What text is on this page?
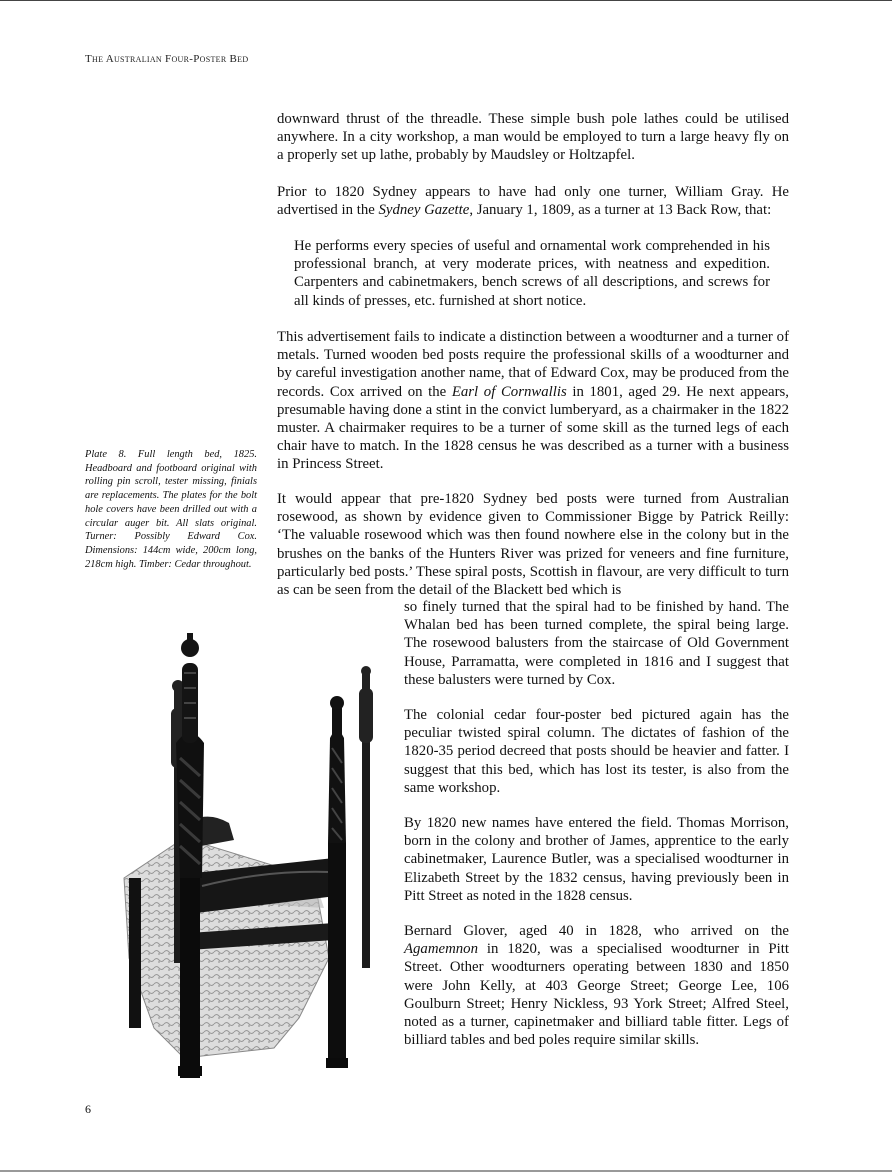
The Australian Four-Poster Bed

downward thrust of the threadle. These simple bush pole lathes could be utilised anywhere. In a city workshop, a man would be employed to turn a large heavy fly on a properly set up lathe, probably by Maudsley or Holtzapfel.

Prior to 1820 Sydney appears to have had only one turner, William Gray. He advertised in the Sydney Gazette, January 1, 1809, as a turner at 13 Back Row, that:

He performs every species of useful and ornamental work comprehended in his professional branch, at very moderate prices, with neatness and expedition. Carpenters and cabinetmakers, bench screws of all descriptions, and screws for all kinds of presses, etc. furnished at short notice.

This advertisement fails to indicate a distinction between a woodturner and a turner of metals. Turned wooden bed posts require the professional skills of a woodturner and by careful investigation another name, that of Edward Cox, may be produced from the records. Cox arrived on the Earl of Cornwallis in 1801, aged 29. He next appears, presumable having done a stint in the convict lumberyard, as a chairmaker in the 1822 muster. A chairmaker requires to be a turner of some skill as the turned legs of each chair have to match. In the 1828 census he was described as a turner with a business in Princess Street.

It would appear that pre-1820 Sydney bed posts were turned from Australian rosewood, as shown by evidence given to Commissioner Bigge by Patrick Reilly: ‘The valuable rosewood which was then found nowhere else in the colony but in the brushes on the banks of the Hunters River was prized for veneers and fine furniture, particularly bed posts.’ These spiral posts, Scottish in flavour, are very difficult to turn as can be seen from the detail of the Blackett bed which is

so finely turned that the spiral had to be finished by hand. The Whalan bed has been turned complete, the spiral being large. The rosewood balusters from the staircase of Old Government House, Parramatta, were completed in 1816 and I suggest that these balusters were turned by Cox.

The colonial cedar four-poster bed pictured again has the peculiar twisted spiral column. The dictates of fashion of the 1820-35 period decreed that posts should be heavier and fatter. I suggest that this bed, which has lost its tester, is also from the same workshop.

By 1820 new names have entered the field. Thomas Morrison, born in the colony and brother of James, apprentice to the early cabinetmaker, Laurence Butler, was a specialised woodturner in Elizabeth Street by the 1832 census, having previously been in Pitt Street as noted in the 1828 census.

Bernard Glover, aged 40 in 1828, who arrived on the Agamemnon in 1820, was a specialised woodturner in Pitt Street. Other woodturners operating between 1830 and 1850 were John Kelly, at 403 George Street; George Lee, 106 Goulburn Street; Henry Nickless, 93 York Street; Alfred Steel, noted as a turner, capinetmaker and billiard table fitter. Legs of billiard tables and bed poles require similar skills.

Plate 8. Full length bed, 1825. Headboard and footboard original with rolling pin scroll, tester missing, finials are replacements. The plates for the bolt hole covers have been drilled out with a circular auger bit. All slats original. Turner: Possibly Edward Cox. Dimensions: 144cm wide, 200cm long, 218cm high. Timber: Cedar throughout.
6
